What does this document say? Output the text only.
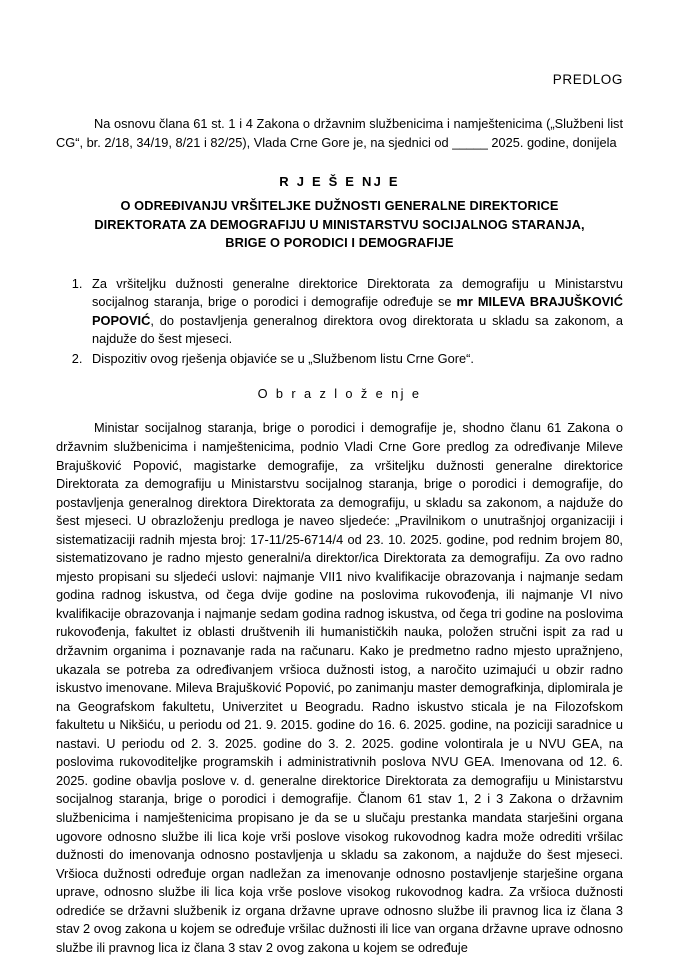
PREDLOG

Na osnovu člana 61 st. 1 i 4 Zakona o državnim službenicima i namještenicima („Službeni list CG“, br. 2/18, 34/19, 8/21 i 82/25), Vlada Crne Gore je, na sjednici od _____ 2025. godine, donijela

R J E Š E NJ E
O ODREĐIVANJU VRŠITELJKE DUŽNOSTI GENERALNE DIREKTORICE DIREKTORATA ZA DEMOGRAFIJU U MINISTARSTVU SOCIJALNOG STARANJA, BRIGE O PORODICI I DEMOGRAFIJE
1. Za vršiteljku dužnosti generalne direktorice Direktorata za demografiju u Ministarstvu socijalnog staranja, brige o porodici i demografije određuje se mr MILEVA BRAJUŠKOVIĆ POPOVIĆ, do postavljenja generalnog direktora ovog direktorata u skladu sa zakonom, a najduže do šest mjeseci.
2. Dispozitiv ovog rješenja objaviće se u „Službenom listu Crne Gore“.
O b r a z l o ž e nj e

Ministar socijalnog staranja, brige o porodici i demografije je, shodno članu 61 Zakona o državnim službenicima i namještenicima, podnio Vladi Crne Gore predlog za određivanje Mileve Brajušković Popović, magistarke demografije, za vršiteljku dužnosti generalne direktorice Direktorata za demografiju u Ministarstvu socijalnog staranja, brige o porodici i demografije, do postavljenja generalnog direktora Direktorata za demografiju, u skladu sa zakonom, a najduže do šest mjeseci. U obrazloženju predloga je naveo sljedeće: „Pravilnikom o unutrašnjoj organizaciji i sistematizaciji radnih mjesta broj: 17-11/25-6714/4 od 23. 10. 2025. godine, pod rednim brojem 80, sistematizovano je radno mjesto generalni/a direktor/ica Direktorata za demografiju. Za ovo radno mjesto propisani su sljedeći uslovi: najmanje VII1 nivo kvalifikacije obrazovanja i najmanje sedam godina radnog iskustva, od čega dvije godine na poslovima rukovođenja, ili najmanje VI nivo kvalifikacije obrazovanja i najmanje sedam godina radnog iskustva, od čega tri godine na poslovima rukovođenja, fakultet iz oblasti društvenih ili humanističkih nauka, položen stručni ispit za rad u državnim organima i poznavanje rada na računaru. Kako je predmetno radno mjesto upražnjeno, ukazala se potreba za određivanjem vršioca dužnosti istog, a naročito uzimajući u obzir radno iskustvo imenovane. Mileva Brajušković Popović, po zanimanju master demografkinja, diplomirala je na Geografskom fakultetu, Univerzitet u Beogradu. Radno iskustvo sticala je na Filozofskom fakultetu u Nikšiću, u periodu od 21. 9. 2015. godine do 16. 6. 2025. godine, na poziciji saradnice u nastavi. U periodu od 2. 3. 2025. godine do 3. 2. 2025. godine volontirala je u NVU GEA, na poslovima rukovoditeljke programskih i administrativnih poslova NVU GEA. Imenovana od 12. 6. 2025. godine obavlja poslove v. d. generalne direktorice Direktorata za demografiju u Ministarstvu socijalnog staranja, brige o porodici i demografije. Članom 61 stav 1, 2 i 3 Zakona o državnim službenicima i namještenicima propisano je da se u slučaju prestanka mandata starješini organa ugovore odnosno službe ili lica koje vrši poslove visokog rukovodnog kadra može odrediti vršilac dužnosti do imenovanja odnosno postavljenja u skladu sa zakonom, a najduže do šest mjeseci. Vršioca dužnosti određuje organ nadležan za imenovanje odnosno postavljenje starješine organa uprave, odnosno službe ili lica koja vrše poslove visokog rukovodnog kadra. Za vršioca dužnosti odrediće se državni službenik iz organa državne uprave odnosno službe ili pravnog lica iz člana 3 stav 2 ovog zakona u kojem se određuje vršilac dužnosti ili lice van organa državne uprave odnosno službe ili pravnog lica iz člana 3 stav 2 ovog zakona u kojem se određuje
